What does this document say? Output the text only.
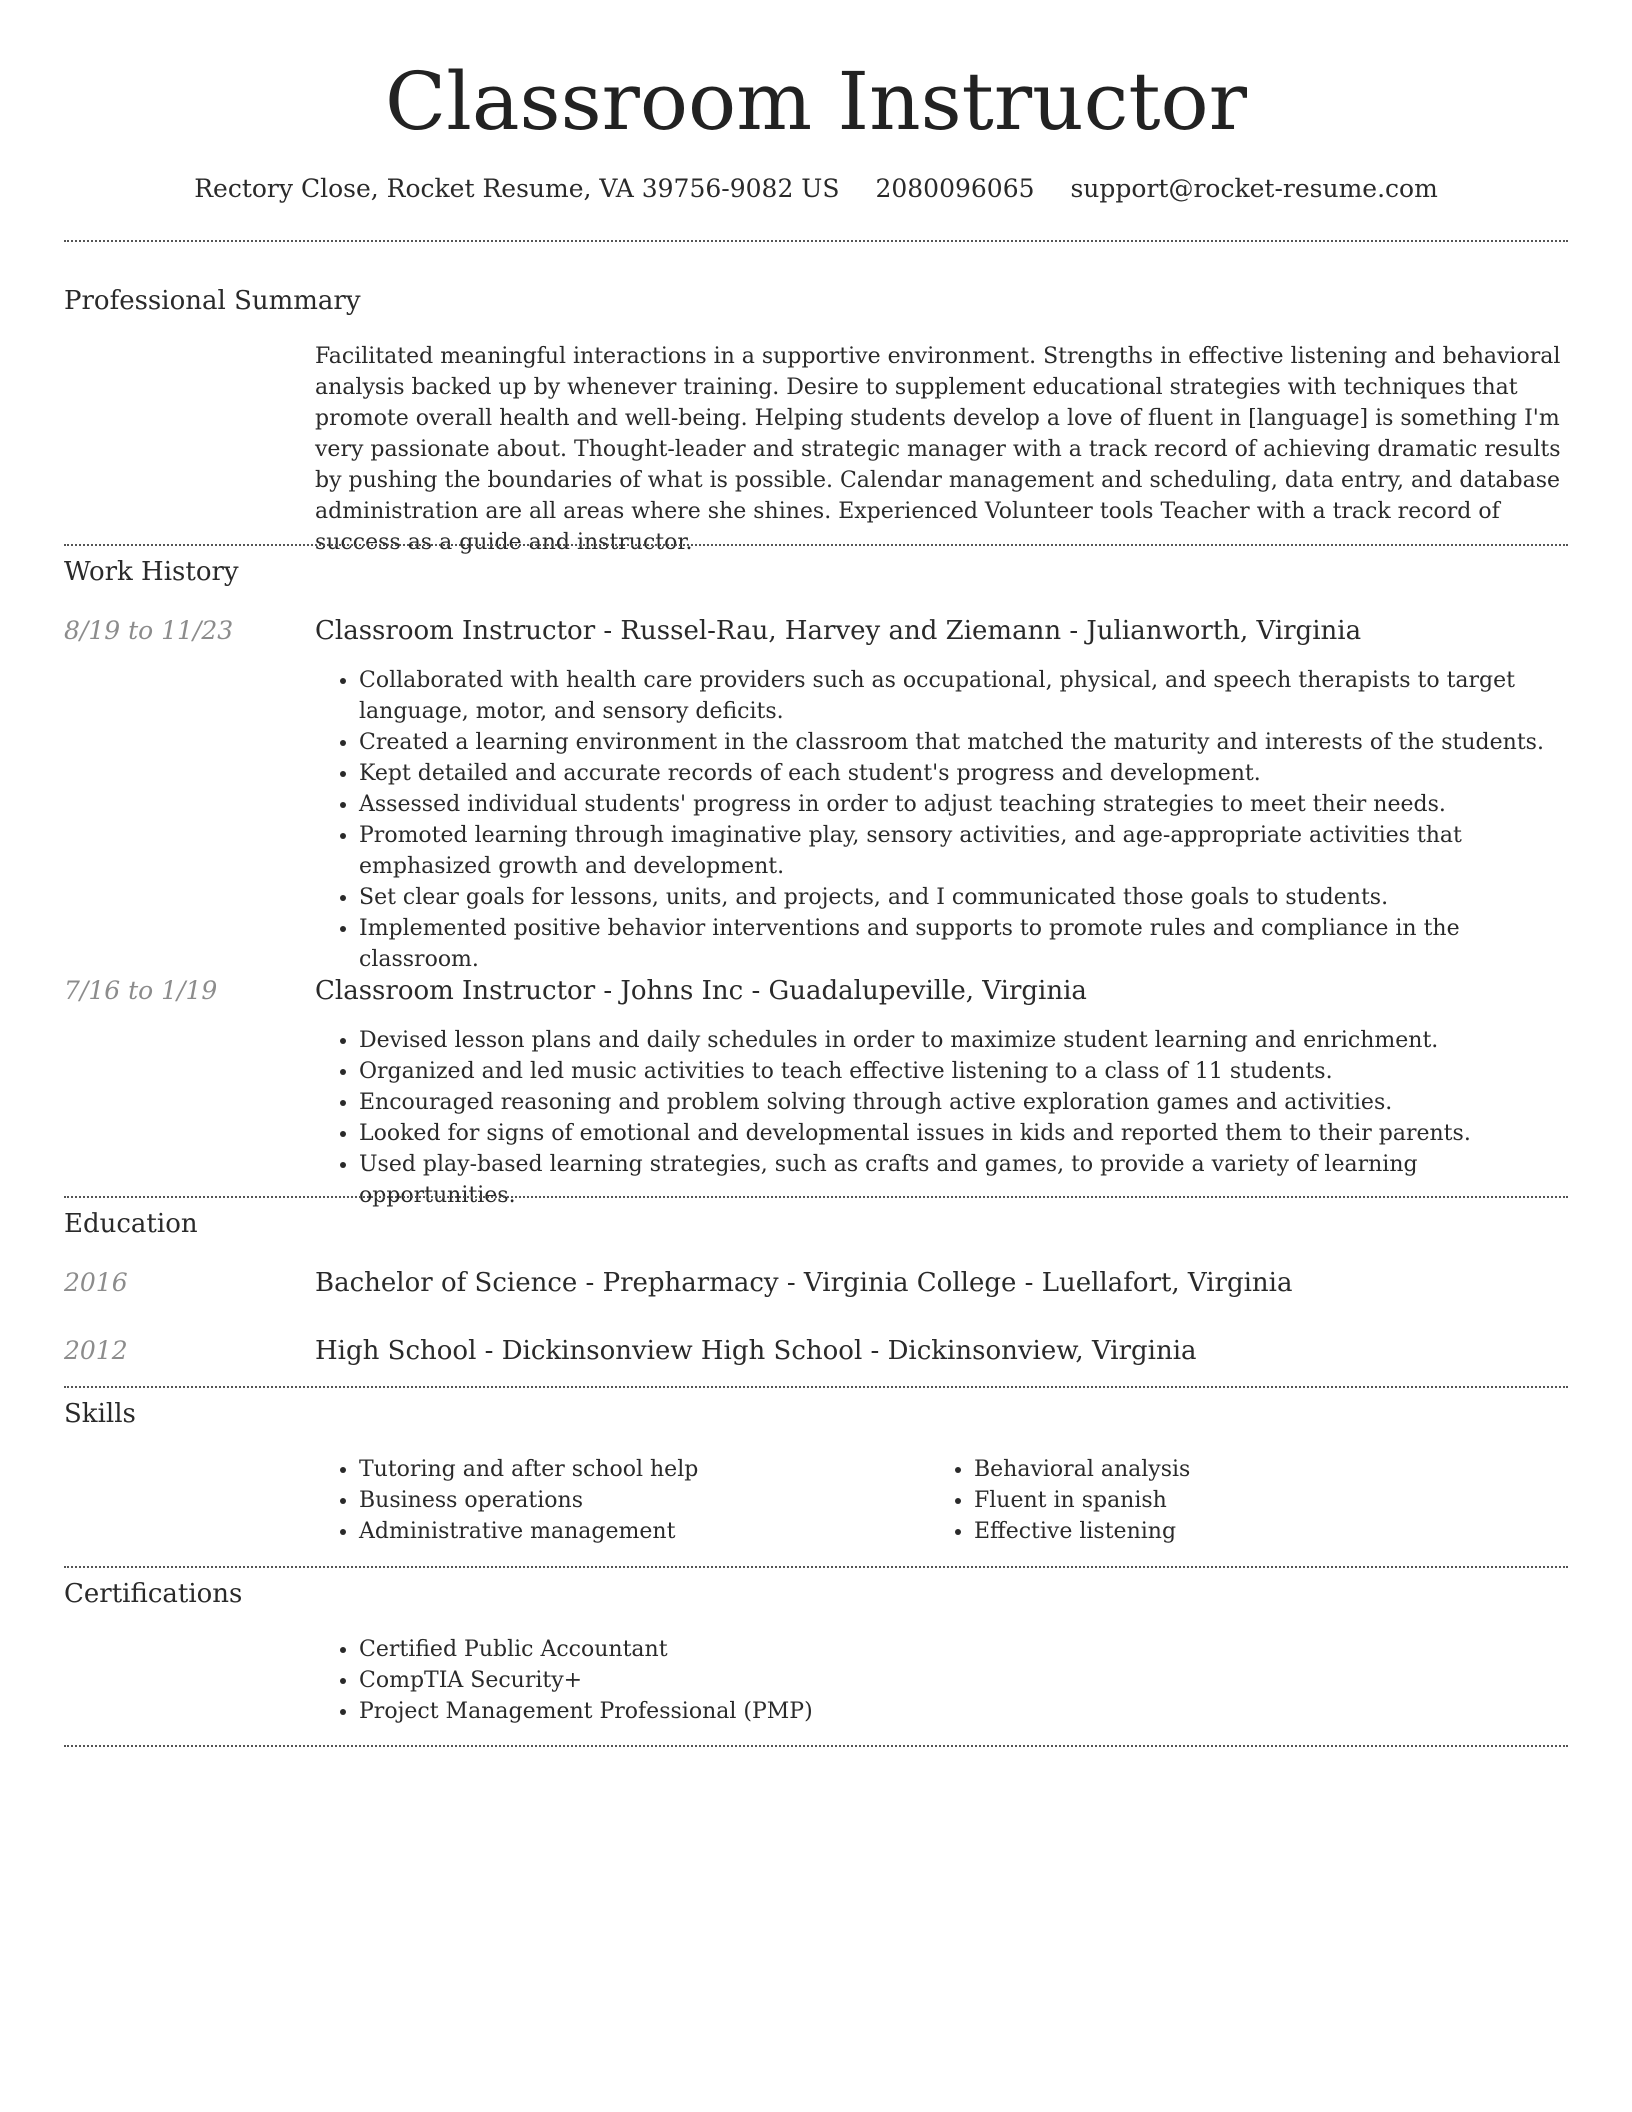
Classroom Instructor
Rectory Close, Rocket Resume, VA 39756-9082 US 2080096065 support@rocket-resume.com
Professional Summary
Facilitated meaningful interactions in a supportive environment. Strengths in effective listening and behavioral analysis backed up by whenever training. Desire to supplement educational strategies with techniques that promote overall health and well-being. Helping students develop a love of fluent in [language] is something I'm very passionate about. Thought-leader and strategic manager with a track record of achieving dramatic results by pushing the boundaries of what is possible. Calendar management and scheduling, data entry, and database administration are all areas where she shines. Experienced Volunteer tools Teacher with a track record of success as a guide and instructor.
Work History
8/19 to 11/23	Classroom Instructor - Russel-Rau, Harvey and Ziemann - Julianworth, Virginia
• Collaborated with health care providers such as occupational, physical, and speech therapists to target language, motor, and sensory deficits.
• Created a learning environment in the classroom that matched the maturity and interests of the students.
• Kept detailed and accurate records of each student's progress and development.
• Assessed individual students' progress in order to adjust teaching strategies to meet their needs.
• Promoted learning through imaginative play, sensory activities, and age-appropriate activities that emphasized growth and development.
• Set clear goals for lessons, units, and projects, and I communicated those goals to students.
• Implemented positive behavior interventions and supports to promote rules and compliance in the classroom.
7/16 to 1/19	Classroom Instructor - Johns Inc - Guadalupeville, Virginia
• Devised lesson plans and daily schedules in order to maximize student learning and enrichment.
• Organized and led music activities to teach effective listening to a class of 11 students.
• Encouraged reasoning and problem solving through active exploration games and activities.
• Looked for signs of emotional and developmental issues in kids and reported them to their parents.
• Used play-based learning strategies, such as crafts and games, to provide a variety of learning opportunities.
Education
2016	Bachelor of Science - Prepharmacy - Virginia College - Luellafort, Virginia
2012	High School - Dickinsonview High School - Dickinsonview, Virginia
Skills
• Tutoring and after school help
• Business operations
• Administrative management
• Behavioral analysis
• Fluent in spanish
• Effective listening
Certifications
• Certified Public Accountant
• CompTIA Security+
• Project Management Professional (PMP)
